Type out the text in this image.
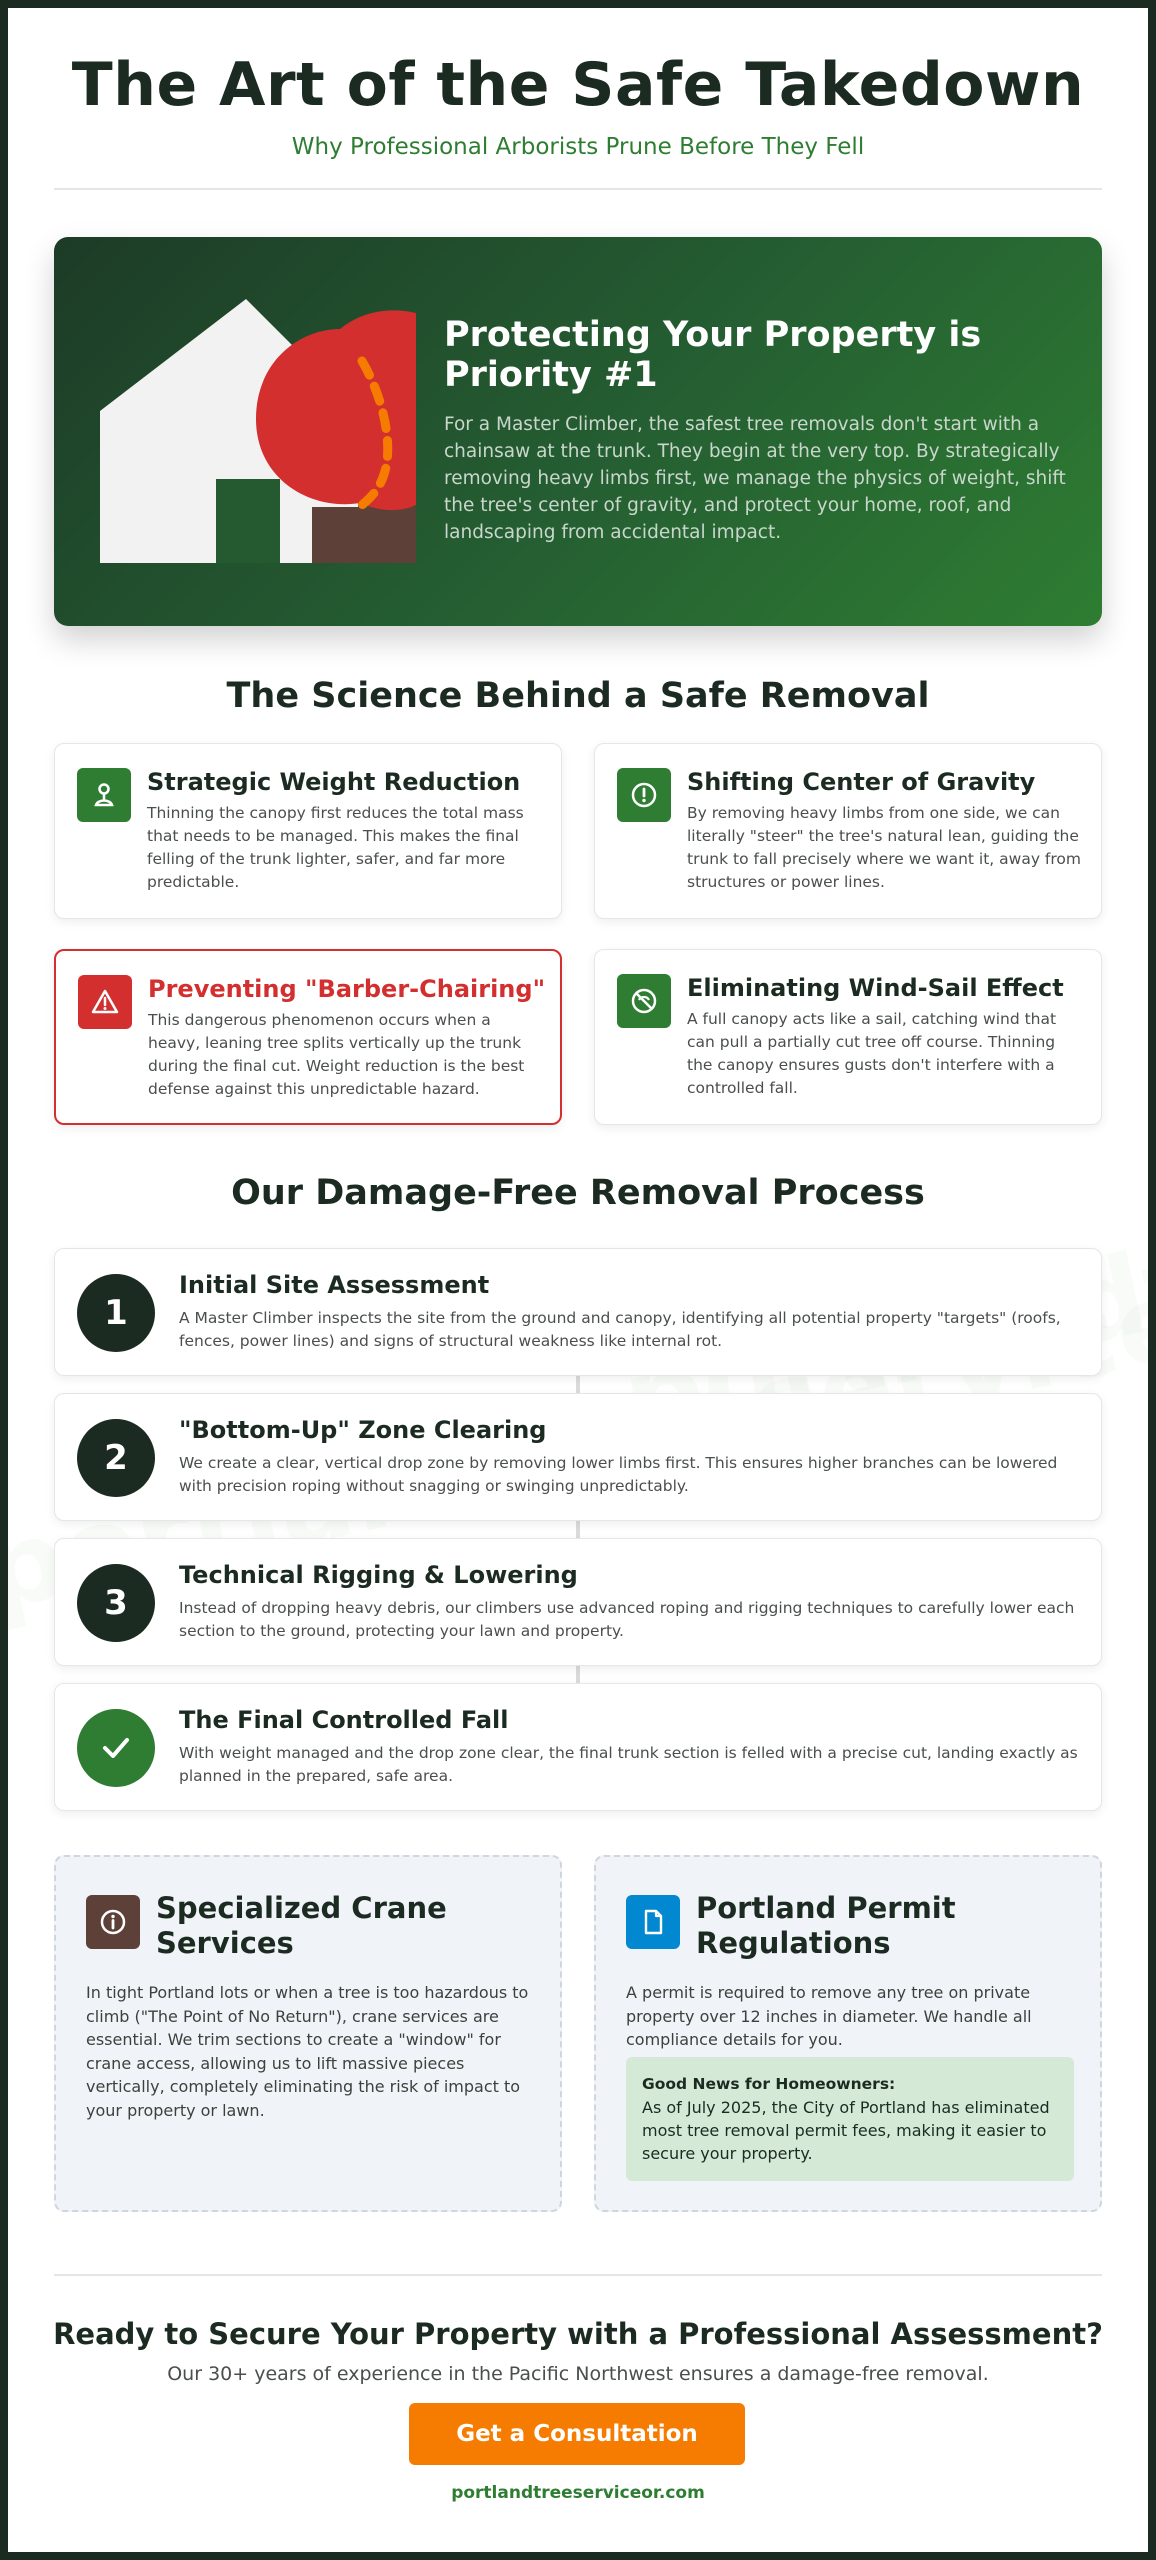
The Art of the Safe Takedown
Why Professional Arborists Prune Before They Fell
Protecting Your Property is Priority #1
For a Master Climber, the safest tree removals don't start with a chainsaw at the trunk. They begin at the very top. By strategically removing heavy limbs first, we manage the physics of weight, shift the tree's center of gravity, and protect your home, roof, and landscaping from accidental impact.
The Science Behind a Safe Removal
Strategic Weight Reduction
Thinning the canopy first reduces the total mass that needs to be managed. This makes the final felling of the trunk lighter, safer, and far more predictable.
Shifting Center of Gravity
By removing heavy limbs from one side, we can literally "steer" the tree's natural lean, guiding the trunk to fall precisely where we want it, away from structures or power lines.
Preventing "Barber-Chairing"
This dangerous phenomenon occurs when a heavy, leaning tree splits vertically up the trunk during the final cut. Weight reduction is the best defense against this unpredictable hazard.
Eliminating Wind-Sail Effect
A full canopy acts like a sail, catching wind that can pull a partially cut tree off course. Thinning the canopy ensures gusts don't interfere with a controlled fall.
Our Damage-Free Removal Process
1
Initial Site Assessment
A Master Climber inspects the site from the ground and canopy, identifying all potential property "targets" (roofs, fences, power lines) and signs of structural weakness like internal rot.
2
"Bottom-Up" Zone Clearing
We create a clear, vertical drop zone by removing lower limbs first. This ensures higher branches can be lowered with precision roping without snagging or swinging unpredictably.
3
Technical Rigging & Lowering
Instead of dropping heavy debris, our climbers use advanced roping and rigging techniques to carefully lower each section to the ground, protecting your lawn and property.
The Final Controlled Fall
With weight managed and the drop zone clear, the final trunk section is felled with a precise cut, landing exactly as planned in the prepared, safe area.
Specialized Crane Services
In tight Portland lots or when a tree is too hazardous to climb ("The Point of No Return"), crane services are essential. We trim sections to create a "window" for crane access, allowing us to lift massive pieces vertically, completely eliminating the risk of impact to your property or lawn.
Portland Permit Regulations
A permit is required to remove any tree on private property over 12 inches in diameter. We handle all compliance details for you.
Good News for Homeowners:
As of July 2025, the City of Portland has eliminated most tree removal permit fees, making it easier to secure your property.
Ready to Secure Your Property with a Professional Assessment?
Our 30+ years of experience in the Pacific Northwest ensures a damage-free removal.
Get a Consultation
portlandtreeserviceor.com
